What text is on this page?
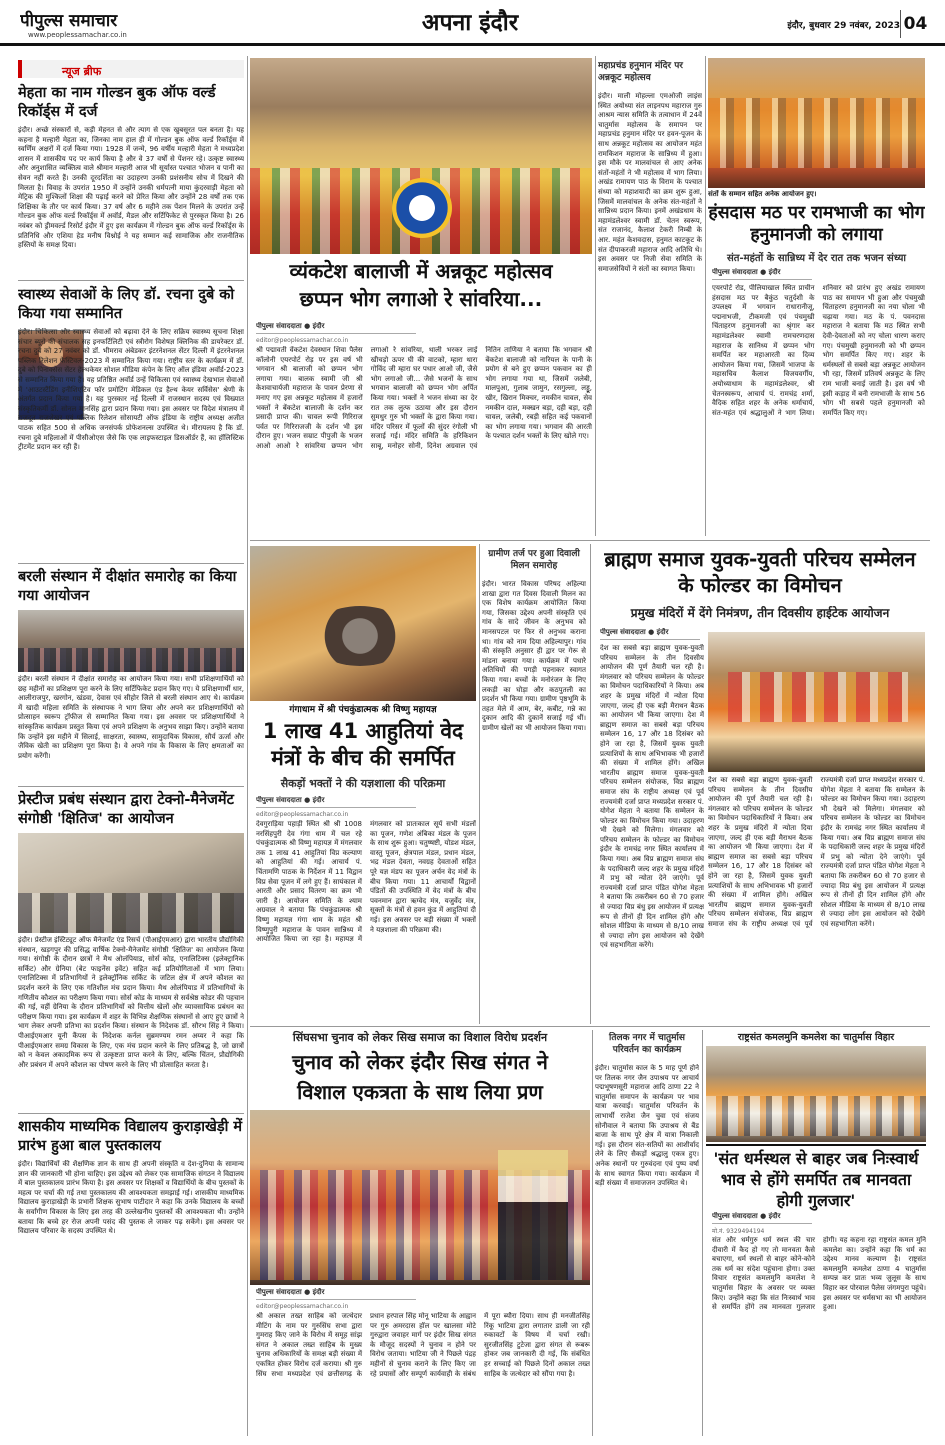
पीपुल्स समाचार
www.peoplessamachar.co.in	अपना इंदौर	इंदौर, बुधवार 29 नवंबर, 2023 04
न्यूज ब्रीफ
मेहता का नाम गोल्डन बुक ऑफ वर्ल्ड रिकॉर्ड्स में दर्ज
इंदौर। अच्छे संस्कारों से, कड़ी मेहनत से और त्याग से एक खुबसूरत पल बनता है। यह कहना है मल्हारी मेहता का, जिनका नाम हाल ही में गोल्डन बुक ऑफ वर्ल्ड रिकॉर्ड्स में स्वर्णिम अक्षरों में दर्ज किया गया। 1928 में जन्मे, 96 वर्षीय मल्हारी मेहता ने मध्यप्रदेश शासन में शासकीय पद पर कार्य किया है और वे 37 वर्षों से पेंशनर रहे। उत्कृष्ट स्वास्थ्य और अनुशासित व्यक्तित्व वाले श्रीमान मल्हारी आज भी सूर्यास्त पश्चात भोजन व पानी का सेवन नहीं करते हैं। उनकी दूरदर्शिता का उदाहरण उनकी प्रशंसनीय सोच में दिखने की मिलता है। विवाह के उपरांत 1950 में उन्होंने उनकी धर्मपत्नी माया कुंदरवाड़ी मेहता को मेट्रिक की मुश्किलों शिक्षा की पढ़ाई करने को प्रेरित किया और उन्होंने 28 वर्षों तक एक शिक्षिका के तौर पर कार्य किया। 37 वर्ष और 6 महीने तक पेंशन मिलने के उपरांत उन्हें गोल्डन बुक ऑफ वर्ल्ड रिकॉर्ड्स में अवॉर्ड, मैडल और सर्टिफिकेट से पुरस्कृत किया है। 26 नवंबर को ड्रीमवर्ल्ड रिसोर्ट इंदौर में हुए इस कार्यक्रम में गोल्डन बुक ऑफ वर्ल्ड रिकॉर्ड्स के प्रतिनिधि और एशिया हेड मनीष विश्नोई ने यह सम्मान कई सामाजिक और राजनीतिक हस्तियों के समक्ष दिया।
स्वास्थ्य सेवाओं के लिए डॉ. रचना दुबे को किया गया सम्मानित
इंदौर। चिकित्सा और स्वास्थ्य सेवाओं को बढ़ावा देने के लिए सक्रिय स्वास्थ्य सूचना शिक्षा संचार ब्यूरो की संचालक सह इनफर्टिलिटी एवं स्त्रीरोग विशेषज्ञ क्लिनिक की डायरेक्टर डॉ. रचना दुबे को 27 नवंबर को डॉ. भीमराव अंबेडकर इंटरनेशनल सेंटर दिल्ली में इंटरनेशनल पब्लिक रिलेशन फेस्टिवल-2023 में सम्मानित किया गया। राष्ट्रीय स्तर के कार्यक्रम में डॉ. दुबे को पिनाक्सेस सेंटर हेल्थकेयर सोशल मीडिया कंपेन के लिए ऑल इंडिया अवॉर्ड-2023 से सम्मानित किया गया है। यह प्रतिष्ठित अवॉर्ड उन्हें चिकित्सा एवं स्वास्थ्य देखभाल सेवाओं में 'आउटस्टैंडिंग इनीशिएटिव फॉर प्रमोटिंग मेडिकल एंड हैल्थ केयर सर्विसेस' श्रेणी के अंतर्गत प्रदान किया गया है। यह पुरस्कार नई दिल्ली में राजस्थान सदस्य एवं विख्यात संस्कृतिकर्मी डॉ. सोनल मानसिंह द्वारा प्रदान किया गया। इस अवसर पर विदेश मंत्रालय में राजदूत राजशेखर एवं पब्लिक रिलेशन सोसायटी ऑफ इंडिया के राष्ट्रीय अध्यक्ष अजीत पाठक सहित 500 से अधिक जनसंपर्क प्रोफेशनल्स उपस्थित थे। मीरायलय है कि डॉ. रचना दुबे महिलाओं में पीसीओएस जैसे कि एक लाइफस्टाइल डिसऑर्डर हैं, का हॉलिस्टिक ट्रीटमेंट प्रदान कर रही हैं।
बरली संस्थान में दीक्षांत समारोह का किया गया आयोजन
इंदौर। बरली संस्थान ने दीक्षांत समारोह का आयोजन किया गया। सभी प्रशिक्षणार्थियों को छह महीनों का प्रशिक्षण पूरा करने के लिए सर्टिफिकेट प्रदान किए गए। ये प्रशिक्षणार्थी धार, आलीराजपुर, खरगोन, खंडवा, देवास एवं सीहोर जिले से बरली संस्थान आए थे। कार्यक्रम में खादी महिला समिति के संस्थापक ने भाग लिया और अपने कर प्रशिक्षणार्थियों को प्रोत्साहन स्वरूप ट्रॉफीज से सम्मानित किया गया। इस अवसर पर प्रशिक्षणार्थियों ने सांस्कृतिक कार्यक्रम प्रस्तुत किया एवं अपने प्रशिक्षण के अनुभव साझा किए। उन्होंने बताया कि उन्होंने इस महीने में सिलाई, साक्षरता, स्वास्थ्य, सामुदायिक विकास, सौर्य ऊर्जा और जैविक खेती का प्रशिक्षण पूरा किया है। वे अपने गांव के विकास के लिए क्षमताओं का प्रयोग करेंगी।
प्रेस्टीज प्रबंध संस्थान द्वारा टेक्नो-मैनेजमेंट संगोष्ठी 'क्षितिज' का आयोजन
इंदौर। प्रेस्टीज इंस्टिट्यूट ऑफ मैनेजमेंट एंड रिसर्च (पीआईएमआर) द्वारा भारतीय प्रौद्योगिकी संस्थान, खड़गपुर की प्रसिद्ध वार्षिक टेक्नो-मैनेजमेंट संगोष्ठी 'क्षितिज' का आयोजन किया गया। संगोष्ठी के दौरान छात्रों ने मैथ ओलंपियाड, सोर्स कोड, एनालिटिक्स (इलेक्ट्रानिक सर्किट) और ग्रेनिया (बेट फाइनेंस इवेंट) सहित कई प्रतियोगिताओं में भाग लिया। एनालिटिक्स में प्रतिभागियों ने इलेक्ट्रॉनिक सर्किट के जटिल क्षेत्र में अपने कौशल का प्रदर्शन करने के लिए एक गतिशील मंच प्रदान किया। मैथ ओलंपियाड में प्रतिभागियों के गणितीय कौशल का परीक्षण किया गया। सोर्स कोड के माध्यम से सर्वश्रेष्ठ कोडर की पहचान की गई, वहीं ग्रेनिया के दौरान प्रतिभागियों को वित्तीय खेलों और व्यावसायिक प्रबंधन का परीक्षण किया गया। इस कार्यक्रम में शहर के विभिन्न शैक्षणिक संस्थानों से आए हुए छात्रों ने भाग लेकर अपनी प्रतिभा का प्रदर्शन किया। संस्थान के निदेशक डॉ. सौरभ सिंह ने किया। पीआईएमआर यूनी कैंपस के निदेशक कर्नल सुब्रमण्यम रमन अय्यर ने कहा कि पीआईएमआर समग्र विकास के लिए, एक मंच प्रदान करने के लिए प्रतिबद्ध है, जो छात्रों को न केवल अकादमिक रूप से उत्कृष्टता प्राप्त करने के लिए, बल्कि चिंतन, प्रौद्योगिकी और प्रबंधन में अपने कौशल का पोषण करने के लिए भी प्रोत्साहित करता है।
शासकीय माध्यमिक विद्यालय कुराड़ाखेड़ी में प्रारंभ हुआ बाल पुस्तकालय
इंदौर। विद्यार्थियों की शैक्षणिक ज्ञान के साथ ही अपनी संस्कृति व देश-दुनिया के सामान्य ज्ञान की जानकारी भी होना चाहिए। इस उद्देश्य को लेकर एक सामाजिक संगठन ने विद्यालय में बाल पुस्तकालय प्रारंभ किया है। इस अवसर पर शिक्षकों व विद्यार्थियों के बीच पुस्तकों के महत्व पर चर्चा की गई तथा पुस्तकालय की आवश्यकता समझाई गई। शासकीय माध्यमिक विद्यालय कुराड़ाखेड़ी के प्रभारी शिक्षक सुभाष पाटीदार ने कहा कि उनके विद्यालय के बच्चों के सर्वांगीण विकास के लिए इस तरह की उल्लेखनीय पुस्तकों की आवश्यकता थी। उन्होंने बताया कि बच्चे हर रोज अपनी पसंद की पुस्तक ले जाकर पढ़ सकेंगे। इस अवसर पर विद्यालय परिवार के सदस्य उपस्थित थे।
व्यंकटेश बालाजी में अन्नकूट महोत्सव
छप्पन भोग लगाओ रे सांवरिया...
पीपुल्स संवाददाता ● इंदौर
editor@peoplessamachar.co.in
श्री पद्मावती वेंकटेश देवस्थान शिवा पैलेस कॉलोनी एयरपोर्ट रोड़ पर इस वर्ष भी भगवान श्री बालाजी को छप्पन भोग लगाया गया। बालक स्वामी जी श्री केशवाचार्यजी महाराज के पावन प्रेरणा से मनाए गए इस अन्नकूट महोत्सव में हजारों भक्तों ने बेंकटेश बालाजी के दर्शन कर प्रसादी प्राप्त की। चावल रूपी गिरिराज पर्वत पर गिरिराजजी के दर्शन भी इस दौरान हुए। भजन सम्राट पीपुजी के भजन आओ आओ रे सांवरिया छप्पन भोग लगाओ रे सांवरिया, थाली भरकर लाई खीचड़ो ऊपर घी की वाटको, म्हारा थारा गोविंद जी म्हारा घर पधार आओ जी, जैसे भोग लगाओ जी... जैसे भजनों के साथ भगवान बालाजी को छप्पन भोग अर्पित किया गया। भक्तों ने भजन संध्या का देर रात तक लुत्फ उठाया और इस दौरान सुमधुर गुरु भी भक्तों के द्वारा किया गया। मंदिर परिसर में फूलों की सुंदर रंगोली भी सजाई गई। मंदिर समिति के हरिकिशन साबू, मनोहर सोनी, दिनेश अग्रवाल एवं नितिन ताणिया ने बताया कि भगवान श्री बेंकटेश बालाजी को नारियल के पानी के प्रयोग से बने हुए छप्पन पकवान का ही भोग लगाया गया था, जिसमें जलेबी, मालपुआ, गुलाब जामुन, रसगुल्ला, लड्डू, खीर, खिरान मिक्चर, नमकीन चावल, सेव नमकीन दाल, मक्खन बड़ा, दही बड़ा, दही चावल, जलेबी, रबड़ी सहित कई पकवानों का भोग लगाया गया। भगवान की आरती के पश्चात दर्शन भक्तों के लिए खोले गए।
महाप्रचंड हनुमान मंदिर पर अन्नकूट महोत्सव
इंदौर। माली मोहल्ला एमओजी लाइंस स्थित अयोध्या संत लाइनपथ महाराज गुरु आश्रम न्यास समिति के तत्वाधान में 24वें चातुर्मास महोत्सव के समापन पर महाप्रचंड हनुमान मंदिर पर हवन-पूजन के साथ अन्नकूट महोत्सव का आयोजन महंत रामकिशन महाराज के सान्निध्य में हुआ। इस मौके पर मालवांचल से आए अनेक संतों-महंतों ने भी महोत्सव में भाग लिया। अखंड रामायण पाठ के विराम के पश्चात संध्या को महाशयादी का क्रम शुरू हुआ, जिसमें मालवांचल के अनेक संत-महंतों ने सान्निध्य प्रदान किया। इनमें अखंडधाम के महामंडलेश्वर स्वामी डॉ. चेतन स्वरूप, संत राजानंद, कैलाश टेकरी निम्बी के आर. महंत केशवदास, हनुमत काटकूट के संत दीपाकरजी महाराज आदि अतिथि थे। इस अवसर पर निजी सेवा समिति के समाजसेवियों ने संतों का स्वागत किया।
संतों के सम्मान सहित अनेक आयोजन हुए।
हंसदास मठ पर रामभाजी का भोग हनुमानजी को लगाया
संत-महंतों के सान्निध्य में देर रात तक भजन संध्या
पीपुल्स संवाददाता ● इंदौर
एयरपोर्ट रोड, पीलियाखाल स्थित प्राचीन हंसदास मठ पर बैकुंठ चतुर्दशी के उपलक्ष्य में भगवान राधारानीजू, पद्मनाभजी, टीकमजी एवं पंचमुखी चिंताहरण हनुमानजी का श्रृंगार कर महामंडलेश्वर स्वामी रामचरणदास महाराज के सानिध्य में छप्पन भोग समर्पित कर महाआरती का दिव्य आयोजन किया गया, जिसमें भाजपा के महासचिव कैलाश विजयवर्गीय, अयोध्याधाम के महामंडलेश्वर, श्री चेतनस्वरूप, आचार्य पं. रामचंद्र शर्मा, वैदिक सहित शहर के अनेक धर्माचार्य, संत-महंत एवं श्रद्धालुओं ने भाग लिया। शनिवार को प्रारंभ हुए अखंड रामायण पाठ का समापन भी हुआ और पंचमुखी चिंताहरण हनुमानजी का नया चोला भी चढ़ाया गया। मठ के पं. पवनदास महाराज ने बताया कि मठ स्थित सभी देवी-देवताओं को नए चोला धारण कराए गए। पंचमुखी हनुमानजी को भी छप्पन भोग समर्पित किए गए। शहर के धर्मस्थलों से सबसे बड़ा अन्नकूट आयोजन भी रहा, जिसमें प्रतिवर्ष अन्नकूट के लिए राम भाजी बनाई जाती है। इस वर्ष भी इसी कड़ाह में बनी रामभाजी के साथ 56 भोग भी सबसे पहले हनुमानजी को समर्पित किए गए।
गंगाधाम में श्री पंचकुंडात्मक श्री विष्णु महायज्ञ
1 लाख 41 आहुतियां वेद मंत्रों के बीच की समर्पित
सैकड़ों भक्तों ने की यज्ञशाला की परिक्रमा
पीपुल्स संवाददाता ● इंदौर
editor@peoplessamachar.co.in
देवगुराड़िया पहाड़ी स्थित श्री श्री 1008 नरसिंहपुरी देव गंगा धाम में चल रहे पंचकुंडात्मक श्री विष्णु महायज्ञ में मंगलवार तक 1 लाख 41 आहुतियां विप्र कल्याण को आहुतियां की गई। आचार्य पं. चिंतामणि पाठक के निर्देशन में 11 विद्वान विप्र सेवा पूजन में लगे हुए हैं। सायंकाल में आरती और प्रसाद वितरण का क्रम भी जारी है। आयोजन समिति के श्याम अग्रवाल ने बताया कि पंचकुंडात्मक श्री विष्णु महायज्ञ गंगा धाम के महंत श्री विष्णुपुरी महाराज के पावन सान्निध्य में आयोजित किया जा रहा है। महायज्ञ में मंगलवार को प्रातःकाल सूर्य सभी मंडलों का पूजन, गणेश अंबिका मंडल के पूजन के साथ शुरू हुआ। चतुष्षष्टी, योडश मंडल, वास्तु पूजन, क्षेत्रपाल मंडल, प्रधान मंडल, भद्र मंडल देवता, नवग्रह देवताओं सहित पूरे यज्ञ मंडप का पूजन अर्चन वेद मंत्रों के बीच किया गया। 11 आचार्यों विद्वानों पंडितों की उपस्थिति में वेद मंत्रों के बीच पवनमान द्वारा ऋग्वेद मंत्र, यजुर्वेद मंत्र, सूक्तों के मंत्रों से हवन कुंड में आहुतियां दी गई। इस अवसर पर बड़ी संख्या में भक्तों ने यज्ञशाला की परिक्रमा की।
ग्रामीण तर्ज पर हुआ दिवाली मिलन समारोह
इंदौर। भारत विकास परिषद अहिल्या शाखा द्वारा गत दिवस दिवाली मिलन का एक विशेष कार्यक्रम आयोजित किया गया, जिसका उद्देश्य अपनी संस्कृति एवं गांव के सादे जीवन के अनुभव को मानसपटल पर फिर से अनुभव कराना था। गांव को नाम दिया अहिल्यापुर। गांव की संस्कृति अनुसार ही द्वार पर गेरू से मांडना बनाया गया। कार्यक्रम में पधारे अतिथियों की पगड़ी पहनाकर स्वागत किया गया। बच्चों के मनोरंजन के लिए लकड़ी का घोड़ा और कठपुतली का प्रदर्शन भी किया गया। ग्रामीण पृष्ठभूमि के तहत मेले में आम, बेर, कबीट, गन्ने का दुकान आदि की दुकानें सजाई गई थीं। ग्रामीण खेलों का भी आयोजन किया गया।
ब्राह्मण समाज युवक-युवती परिचय सम्मेलन के फोल्डर का विमोचन
प्रमुख मंदिरों में देंगे निमंत्रण, तीन दिवसीय हाईटेक आयोजन
पीपुल्स संवाददाता ● इंदौर
देश का सबसे बड़ा ब्राह्मण युवक-युवती परिचय सम्मेलन के तीन दिवसीय आयोजन की पूर्ण तैयारी चल रही है। मंगलवार को परिचय सम्मेलन के फोल्डर का विमोचन पदाधिकारियों ने किया। अब शहर के प्रमुख मंदिरों में न्योता दिया जाएगा, जल्द ही एक बड़ी मैराथन बैठक का आयोजन भी किया जाएगा। देश में ब्राह्मण समाज का सबसे बड़ा परिचय सम्मेलन 16, 17 और 18 दिसंबर को होने जा रहा है, जिसमें युवक युवती प्रत्याशियों के साथ अभिभावक भी हजारों की संख्या में शामिल होंगे। अखिल भारतीय ब्राह्मण समाज युवक-युवती परिचय सम्मेलन संयोजक, विप्र ब्राह्मण समाज संघ के राष्ट्रीय अध्यक्ष एवं पूर्व राज्यमंत्री दर्जा प्राप्त मध्यप्रदेश सरकार पं. योगेश मेहता ने बताया कि सम्मेलन के फोल्डर का विमोचन किया गया। उदाहरण भी देखने को मिलेगा। मंगलवार को परिचय सम्मेलन के फोल्डर का विमोचन इंदौर के रामचंद्र नगर स्थित कार्यालय में किया गया। अब विप्र ब्राह्मण समाज संघ के पदाधिकारी जल्द शहर के प्रमुख मंदिरों में प्रभु को न्योता देने जाएंगे। पूर्व राज्यमंत्री दर्जा प्राप्त पंडित योगेश मेहता ने बताया कि तकरीबन 60 से 70 हजार से ज्यादा विप्र बंधु इस आयोजन में प्रत्यक्ष रूप से तीनों ही दिन शामिल होंगे और सोशल मीडिया के माध्यम से 8/10 लाख से ज्यादा लोग इस आयोजन को देखेंगे एवं सहभागिता करेंगे।
देश का सबसे बड़ा ब्राह्मण युवक-युवती परिचय सम्मेलन के तीन दिवसीय आयोजन की पूर्ण तैयारी चल रही है। मंगलवार को परिचय सम्मेलन के फोल्डर का विमोचन पदाधिकारियों ने किया। अब शहर के प्रमुख मंदिरों में न्योता दिया जाएगा, जल्द ही एक बड़ी मैराथन बैठक का आयोजन भी किया जाएगा। देश में ब्राह्मण समाज का सबसे बड़ा परिचय सम्मेलन 16, 17 और 18 दिसंबर को होने जा रहा है, जिसमें युवक युवती प्रत्याशियों के साथ अभिभावक भी हजारों की संख्या में शामिल होंगे। अखिल भारतीय ब्राह्मण समाज युवक-युवती परिचय सम्मेलन संयोजक, विप्र ब्राह्मण समाज संघ के राष्ट्रीय अध्यक्ष एवं पूर्व राज्यमंत्री दर्जा प्राप्त मध्यप्रदेश सरकार पं. योगेश मेहता ने बताया कि सम्मेलन के फोल्डर का विमोचन किया गया। उदाहरण भी देखने को मिलेगा। मंगलवार को परिचय सम्मेलन के फोल्डर का विमोचन इंदौर के रामचंद्र नगर स्थित कार्यालय में किया गया। अब विप्र ब्राह्मण समाज संघ के पदाधिकारी जल्द शहर के प्रमुख मंदिरों में प्रभु को न्योता देने जाएंगे। पूर्व राज्यमंत्री दर्जा प्राप्त पंडित योगेश मेहता ने बताया कि तकरीबन 60 से 70 हजार से ज्यादा विप्र बंधु इस आयोजन में प्रत्यक्ष रूप से तीनों ही दिन शामिल होंगे और सोशल मीडिया के माध्यम से 8/10 लाख से ज्यादा लोग इस आयोजन को देखेंगे एवं सहभागिता करेंगे।
सिंघसभा चुनाव को लेकर सिख समाज का विशाल विरोध प्रदर्शन
चुनाव को लेकर इंदौर सिख संगत ने
विशाल एकत्रता के साथ लिया प्रण
पीपुल्स संवाददाता ● इंदौर
editor@peoplessamachar.co.in
श्री अकाल तख्त साहिब को जत्थेदार मीटिंग के नाम पर गुरुसिंघ सभा द्वारा गुमराह किए जाने के विरोध में समूह सांझ संगत ने अकाल तख्त साहिब के मुख्य चुनाव अधिकारियों के समक्ष बड़ी संख्या में एकत्रित होकर विरोध दर्ज कराया। श्री गुरु सिंघ सभा मध्यप्रदेश एवं छत्तीसगढ़ के प्रधान हरपाल सिंह मोनू भाटिया के आह्वान पर गुरु अमरदास हॉल पर खालसा मोटे गुरुद्वारा जवाहर मार्ग पर इंदौर सिख संगत के मौजूद सदस्यों ने चुनाव न होने पर विरोध जताया। भाटिया जी ने पिछले पंद्रह महीनों से चुनाव कराने के लिए किए जा रहे प्रयासों और सम्पूर्ण कार्यवाही के संबंध में पूरा ब्यौरा दिया। साथ ही मनजीतसिंह रिंकू भाटिया द्वारा लगातार डाली जा रही रुकावटों के विषय में चर्चा रखी। सुरजीतसिंह टुटेजा द्वारा संगत से रूबरू होकर जब जानकारी दी गई, कि संबंधित हर सच्चाई को पिछले दिनों अकाल तख्त साहिब के जत्थेदार को सौंपा गया है।
तिलक नगर में चातुर्मास परिवर्तन का कार्यक्रम
इंदौर। चातुर्मास काल के 5 माह पूर्ण होने पर तिलक नगर जैन उपाश्रय पर आचार्य पद्मभूषणसूरी महाराज आदि ठाणा 22 ने चातुर्मास समापन के कार्यक्रम पर भाव यात्रा करवाई। चातुर्मास परिवर्तन के लाभार्थी राजेश जैन चुवा एवं संजय सोनीवाल ने बताया कि उपाश्रय से बैंड बाजा के साथ पूरे क्षेत्र में यात्रा निकाली गई। इस दौरान संत-सतियों का आशीर्वाद लेने के लिए सैकड़ों श्रद्धालु एकत्र हुए। अनेक स्थानों पर गुरुवंदना एवं पुष्प वर्षा के साथ स्वागत किया गया। कार्यक्रम में बड़ी संख्या में समाजजन उपस्थित थे।
राष्ट्रसंत कमलमुनि कमलेश का चातुर्मास विहार
'संत धर्मस्थल से बाहर जब निःस्वार्थ भाव से होंगे समर्पित तब मानवता होगी गुलजार'
पीपुल्स संवाददाता ● इंदौर
मो.नं. 9329494194
संत और धर्मगुरु धर्म स्थल की चार दीवारी में कैद हो गए तो मानवता कैसे बचाएगा, धर्म स्थलों से बाहर कोने-कोने तक धर्म का संदेश पहुंचाना होगा। उक्त विचार राष्ट्रसंत कमलमुनि कमलेश ने चातुर्मास विहार के अवसर पर व्यक्त किए। उन्होंने कहा कि संत निःस्वार्थ भाव से समर्पित होंगे तब मानवता गुलजार होगी। यह कहना रहा राष्ट्रसंत कमल मुनि कमलेश का। उन्होंने कहा कि धर्म का उद्देश्य मानव कल्याण है। राष्ट्रसंत कमलमुनि कमलेश ठाणा 4 चातुर्मास सम्पन्न कर प्रातः भव्य जुलूस के साथ विहार कर पोरवाल पैलेस जंगमपुरा पहुंचे। इस अवसर पर धर्मसभा का भी आयोजन हुआ।
